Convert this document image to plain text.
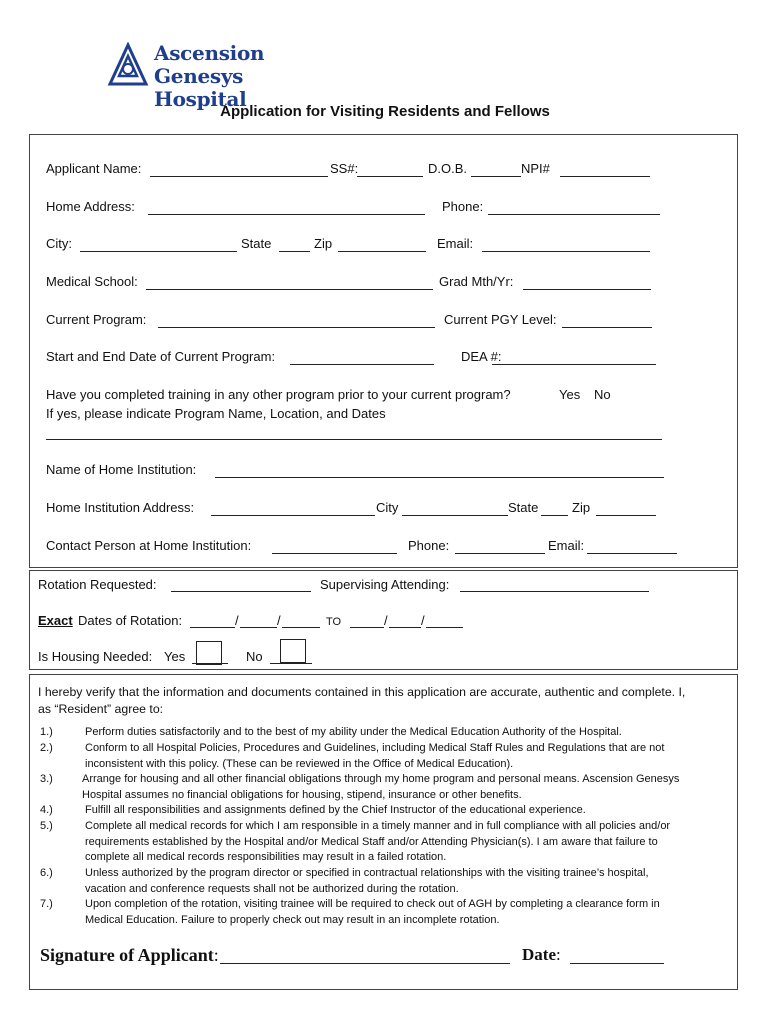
Ascension
Genesys Hospital
Application for Visiting Residents and Fellows
Applicant Name:	SS#:	D.O.B.	NPI#
Home Address:	Phone:
City:	State	Zip	Email:
Medical School:	Grad Mth/Yr:
Current Program:	Current PGY Level:
Start and End Date of Current Program:	DEA #:
Have you completed training in any other program prior to your current program?	Yes No
If yes, please indicate Program Name, Location, and Dates
Name of Home Institution:
Home Institution Address:	City	State	Zip
Contact Person at Home Institution:	Phone:	Email:
Rotation Requested:	Supervising Attending:
Exact Dates of Rotation:	/	/	TO	/	/
Is Housing Needed: Yes	No
I hereby verify that the information and documents contained in this application are accurate, authentic and complete. I,
as “Resident” agree to:
1.)	Perform duties satisfactorily and to the best of my ability under the Medical Education Authority of the Hospital.
2.)	Conform to all Hospital Policies, Procedures and Guidelines, including Medical Staff Rules and Regulations that are not
inconsistent with this policy. (These can be reviewed in the Office of Medical Education).
3.)	Arrange for housing and all other financial obligations through my home program and personal means. Ascension Genesys
Hospital assumes no financial obligations for housing, stipend, insurance or other benefits.
4.)	Fulfill all responsibilities and assignments defined by the Chief Instructor of the educational experience.
5.)	Complete all medical records for which I am responsible in a timely manner and in full compliance with all policies and/or
requirements established by the Hospital and/or Medical Staff and/or Attending Physician(s). I am aware that failure to
complete all medical records responsibilities may result in a failed rotation.
6.)	Unless authorized by the program director or specified in contractual relationships with the visiting trainee’s hospital,
vacation and conference requests shall not be authorized during the rotation.
7.)	Upon completion of the rotation, visiting trainee will be required to check out of AGH by completing a clearance form in
Medical Education. Failure to properly check out may result in an incomplete rotation.
Signature of Applicant:	Date:
